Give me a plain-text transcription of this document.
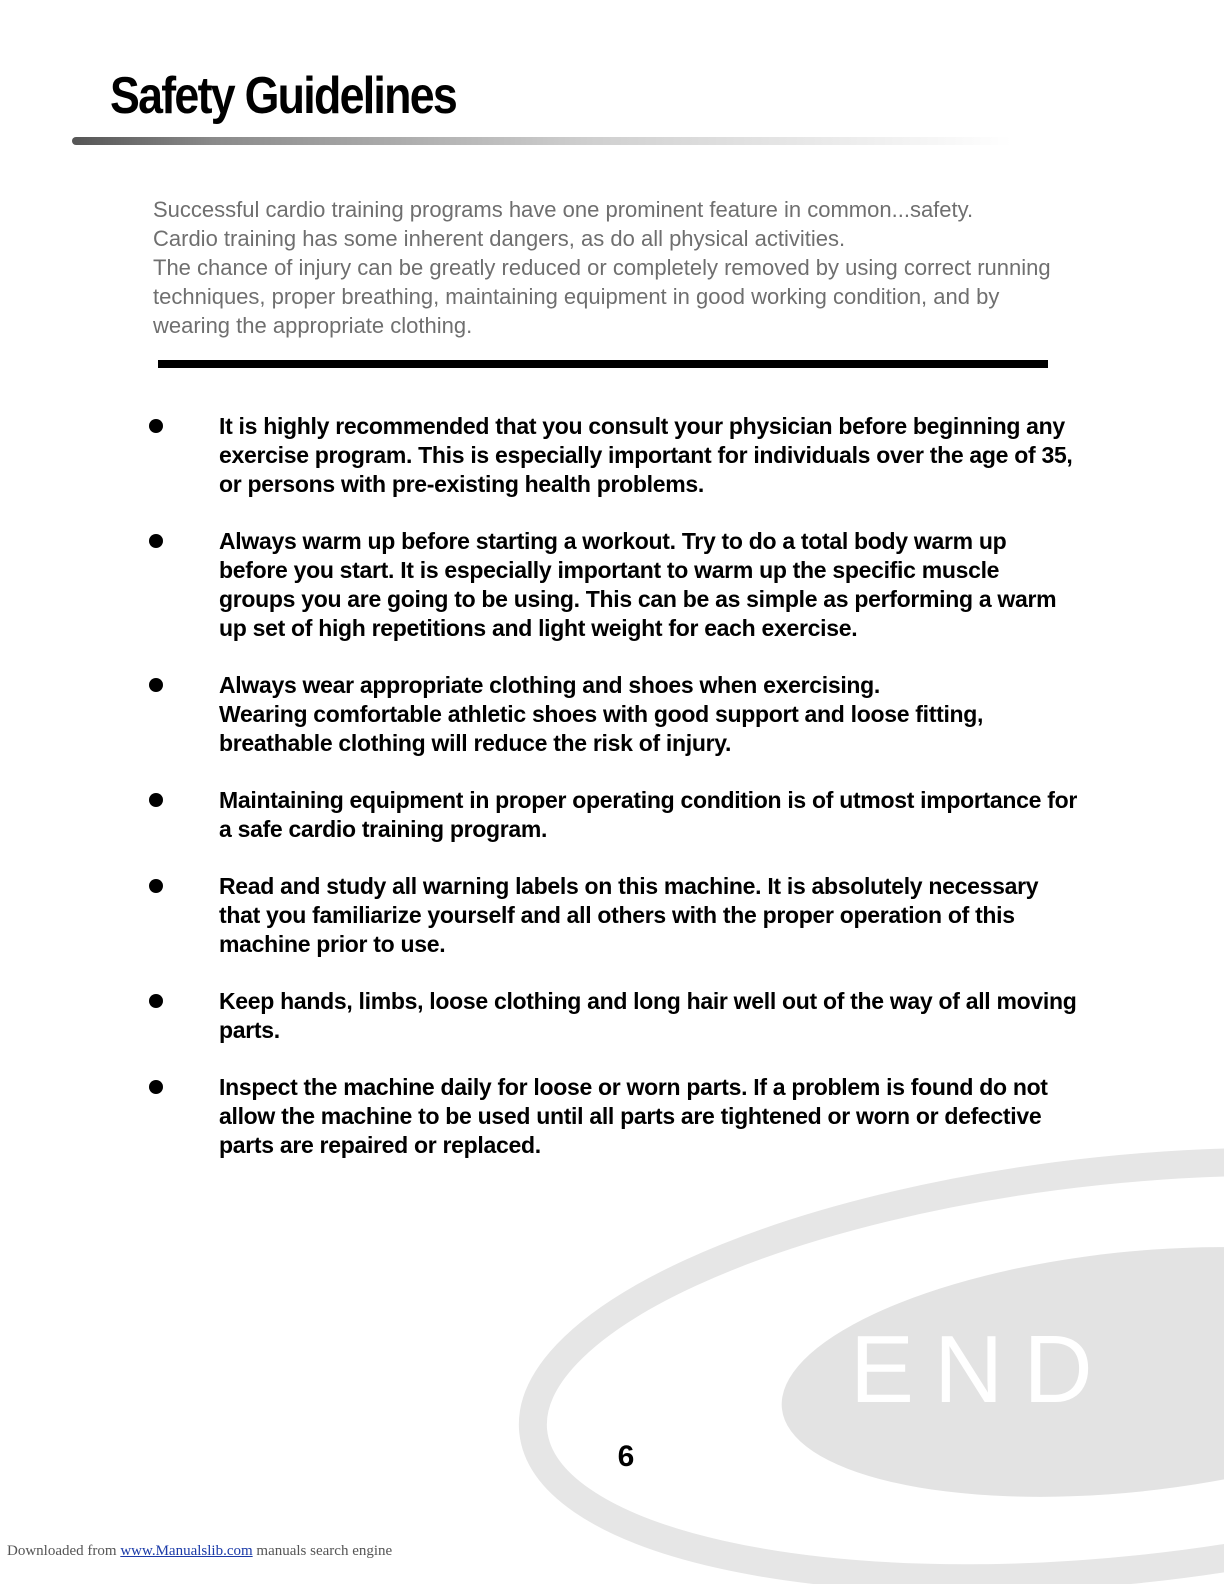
END
Safety Guidelines

Successful cardio training programs have one prominent feature in common...safety.

Cardio training has some inherent dangers, as do all physical activities.

The chance of injury can be greatly reduced or completely removed by using correct running techniques, proper breathing, maintaining equipment in good working condition, and by wearing the appropriate clothing.

It is highly recommended that you consult your physician before beginning any exercise program. This is especially important for individuals over the age of 35, or persons with pre-existing health problems.
Always warm up before starting a workout. Try to do a total body warm up before you start. It is especially important to warm up the specific muscle groups you are going to be using. This can be as simple as performing a warm up set of high repetitions and light weight for each exercise.
Always wear appropriate clothing and shoes when exercising.
Wearing comfortable athletic shoes with good support and loose fitting, breathable clothing will reduce the risk of injury.
Maintaining equipment in proper operating condition is of utmost importance for a safe cardio training program.
Read and study all warning labels on this machine. It is absolutely necessary that you familiarize yourself and all others with the proper operation of this machine prior to use.
Keep hands, limbs, loose clothing and long hair well out of the way of all moving parts.
Inspect the machine daily for loose or worn parts. If a problem is found do not allow the machine to be used until all parts are tightened or worn or defective parts are repaired or replaced.
6
Downloaded from www.Manualslib.com manuals search engine
